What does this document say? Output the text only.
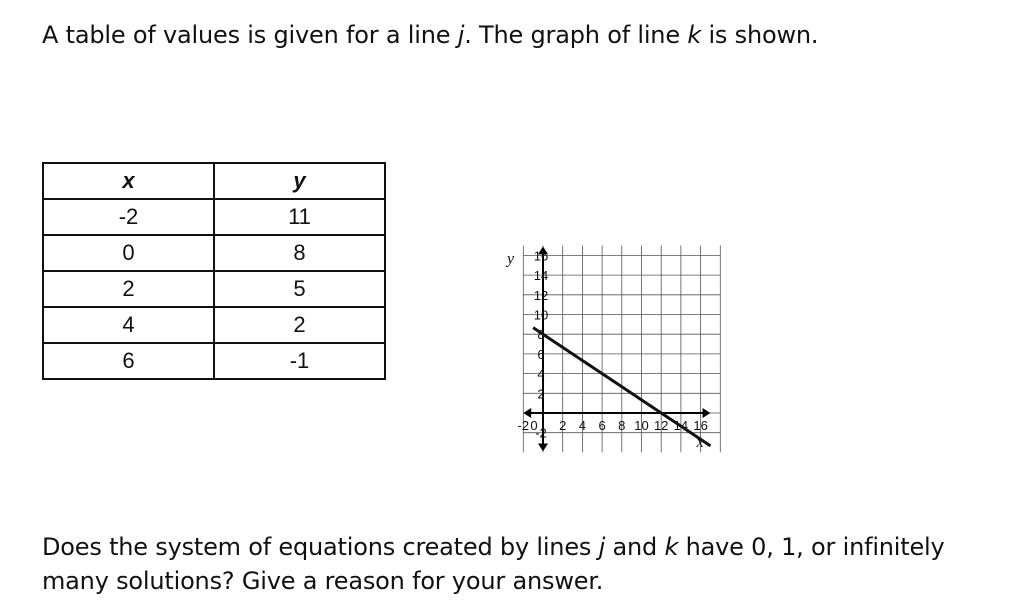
A table of values is given for a line j. The graph of line k is shown.
x	y
-2	11
0	8
2	5
4	2
6	-1
-2 0 2 4 6 8 10 12 14 16
-2
2
4
6
8
10
12
14
16
x
y
Does the system of equations created by lines j and k have 0, 1, or infinitely many solutions? Give a reason for your answer.
